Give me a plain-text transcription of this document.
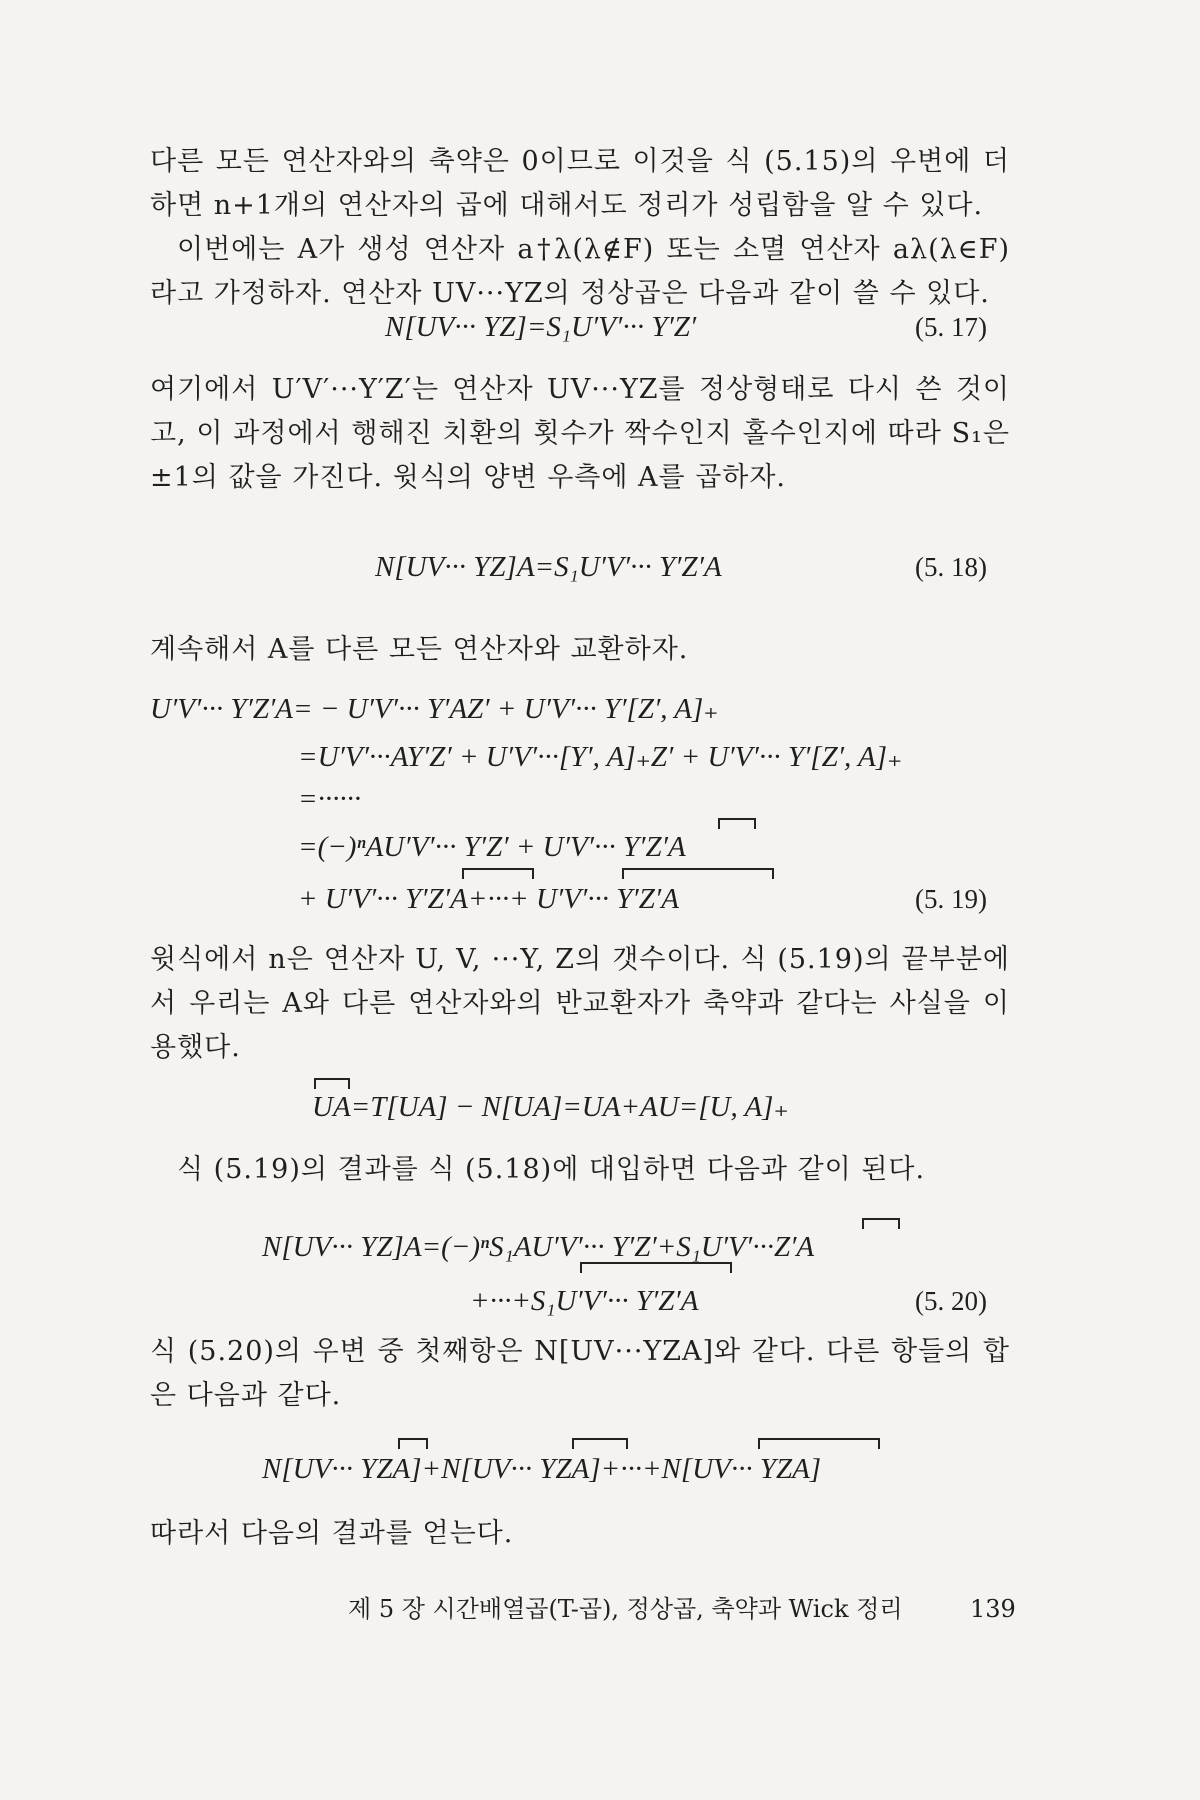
다른 모든 연산자와의 축약은 0이므로 이것을 식 (5.15)의 우변에 더하면 n+1개의 연산자의 곱에 대해서도 정리가 성립함을 알 수 있다.
이번에는 A가 생성 연산자 a†λ(λ∉F) 또는 소멸 연산자 aλ(λ∈F)라고 가정하자. 연산자 UV···YZ의 정상곱은 다음과 같이 쓸 수 있다.
N[UV··· YZ]=S₁U′V′··· Y′Z′	(5. 17)
여기에서 U′V′···Y′Z′는 연산자 UV···YZ를 정상형태로 다시 쓴 것이고, 이 과정에서 행해진 치환의 횟수가 짝수인지 홀수인지에 따라 S₁은 ±1의 값을 가진다. 윗식의 양변 우측에 A를 곱하자.
N[UV··· YZ]A=S₁U′V′··· Y′Z′A	(5. 18)
계속해서 A를 다른 모든 연산자와 교환하자.
U′V′··· Y′Z′A= − U′V′··· Y′AZ′ + U′V′··· Y′[Z′, A]₊
=U′V′···AY′Z′ + U′V′···[Y′, A]₊Z′ + U′V′··· Y′[Z′, A]₊
=······
=(−)ⁿAU′V′··· Y′Z′ + U′V′··· Y′Z′A
+ U′V′··· Y′Z′A+···+ U′V′··· Y′Z′A	(5. 19)
윗식에서 n은 연산자 U, V, ···Y, Z의 갯수이다. 식 (5.19)의 끝부분에서 우리는 A와 다른 연산자와의 반교환자가 축약과 같다는 사실을 이용했다.
UA=T[UA] − N[UA]=UA+AU=[U, A]₊
식 (5.19)의 결과를 식 (5.18)에 대입하면 다음과 같이 된다.
N[UV··· YZ]A=(−)ⁿS₁AU′V′··· Y′Z′+S₁U′V′···Z′A
+···+S₁U′V′··· Y′Z′A	(5. 20)
식 (5.20)의 우변 중 첫째항은 N[UV···YZA]와 같다. 다른 항들의 합은 다음과 같다.
N[UV··· YZA]+N[UV··· YZA]+···+N[UV··· YZA]
따라서 다음의 결과를 얻는다.
제 5 장 시간배열곱(T-곱), 정상곱, 축약과 Wick 정리	139
